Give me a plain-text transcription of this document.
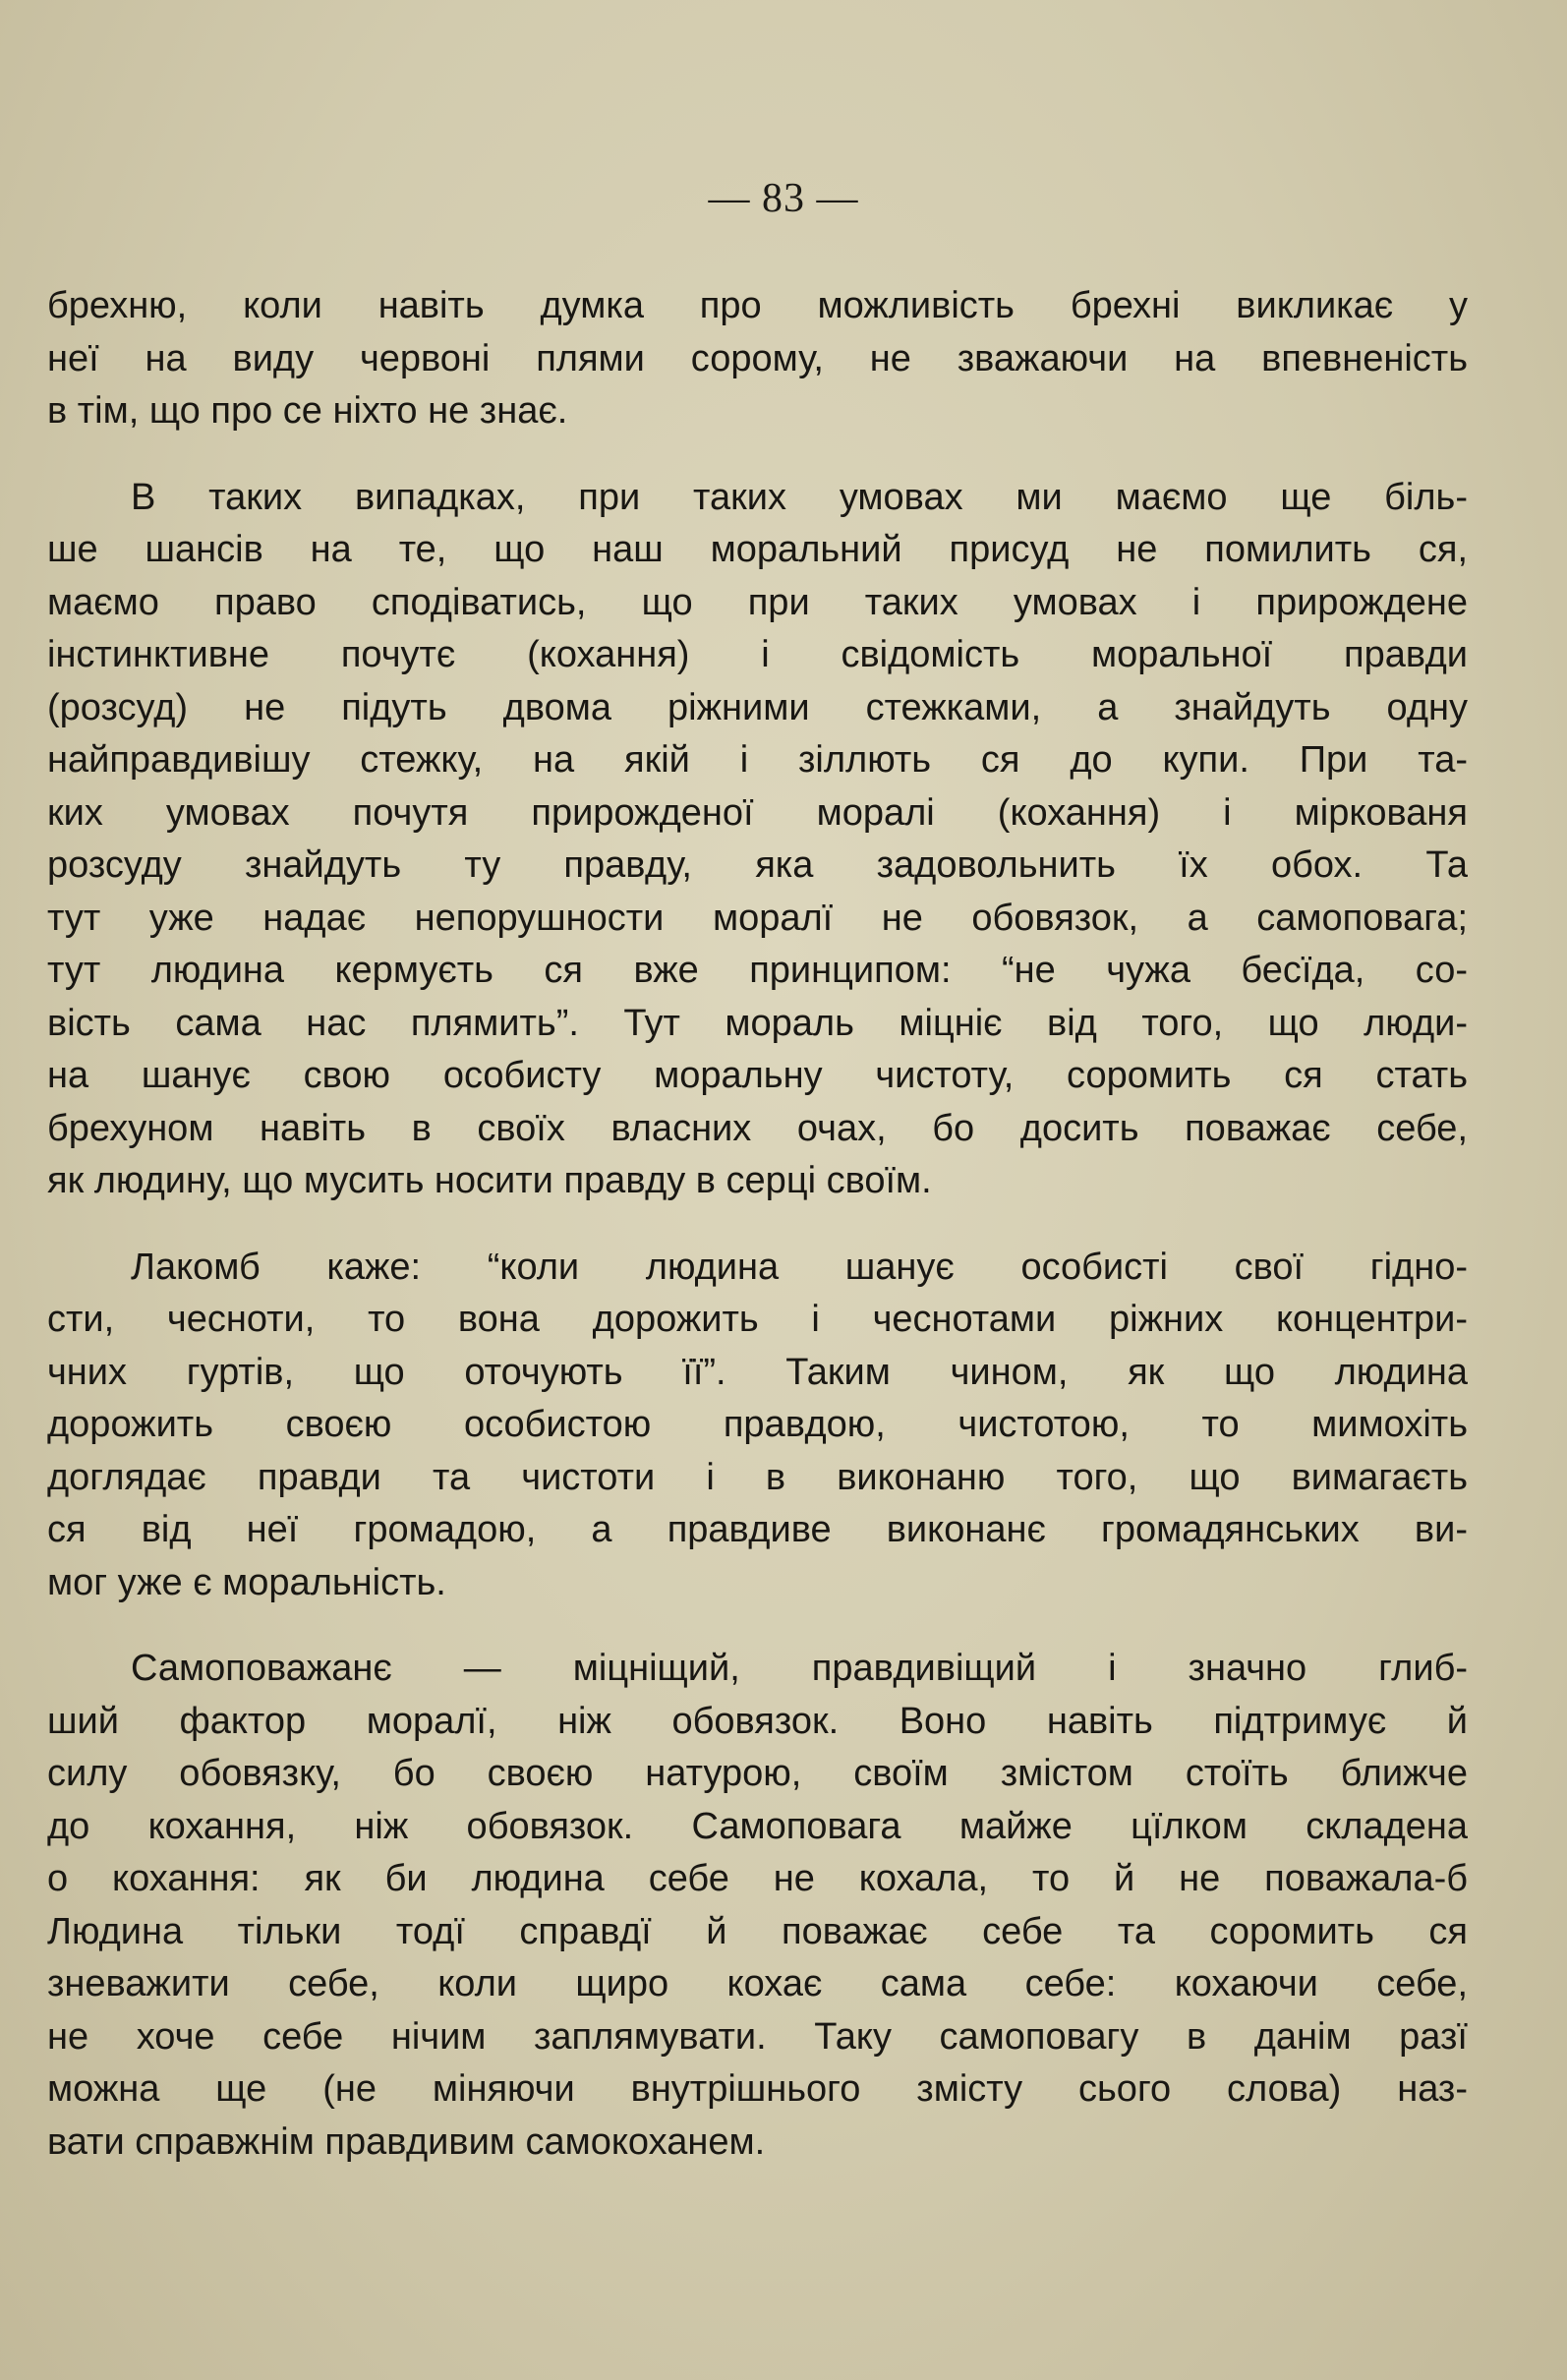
— 83 —
брехню, коли навіть думка про можливість брехні викликає у
неї на виду червоні плями сорому, не зважаючи на впевненість
в тім, що про се ніхто не знає.
В таких випадках, при таких умовах ми маємо ще біль-
ше шансів на те, що наш моральний присуд не помилить ся,
маємо право сподіватись, що при таких умовах і прирождене
інстинктивне почутє (кохання) і свідомість моральної правди
(розсуд) не підуть двома ріжними стежками, а знайдуть одну
найправдивішу стежку, на якій і зіллють ся до купи. При та-
ких умовах почутя прирожденої моралі (кохання) і міркованя
розсуду знайдуть ту правду, яка задовольнить їх обох. Та
тут уже надає непорушности моралї не обовязок, а самоповага;
тут людина кермуєть ся вже принципом: “не чужа бесїда, со-
вість сама нас плямить”. Тут мораль міцніє від того, що люди-
на шанує свою особисту моральну чистоту, соромить ся стать
брехуном навіть в своїх власних очах, бо досить поважає себе,
як людину, що мусить носити правду в серці своїм.
Лакомб каже: “коли людина шанує особисті свої гідно-
сти, чесноти, то вона дорожить і чеснотами ріжних концентри-
чних гуртів, що оточують її”. Таким чином, як що людина
дорожить своєю особистою правдою, чистотою, то мимохіть
доглядає правди та чистоти і в виконаню того, що вимагаєть
ся від неї громадою, а правдиве виконанє громадянських ви-
мог уже є моральність.
Самоповажанє — міцніщий, правдивіщий і значно глиб-
ший фактор моралї, ніж обовязок. Воно навіть підтримує й
силу обовязку, бо своєю натурою, своїм змістом стоїть ближче
до кохання, ніж обовязок. Самоповага майже цїлком складена
о кохання: як би людина себе не кохала, то й не поважала-б
Людина тільки тодї справдї й поважає себе та соромить ся
зневажити себе, коли щиро кохає сама себе: кохаючи себе,
не хоче себе нічим заплямувати. Таку самоповагу в данім разї
можна ще (не міняючи внутрішнього змісту сього слова) наз-
вати справжнім правдивим самокоханем.
